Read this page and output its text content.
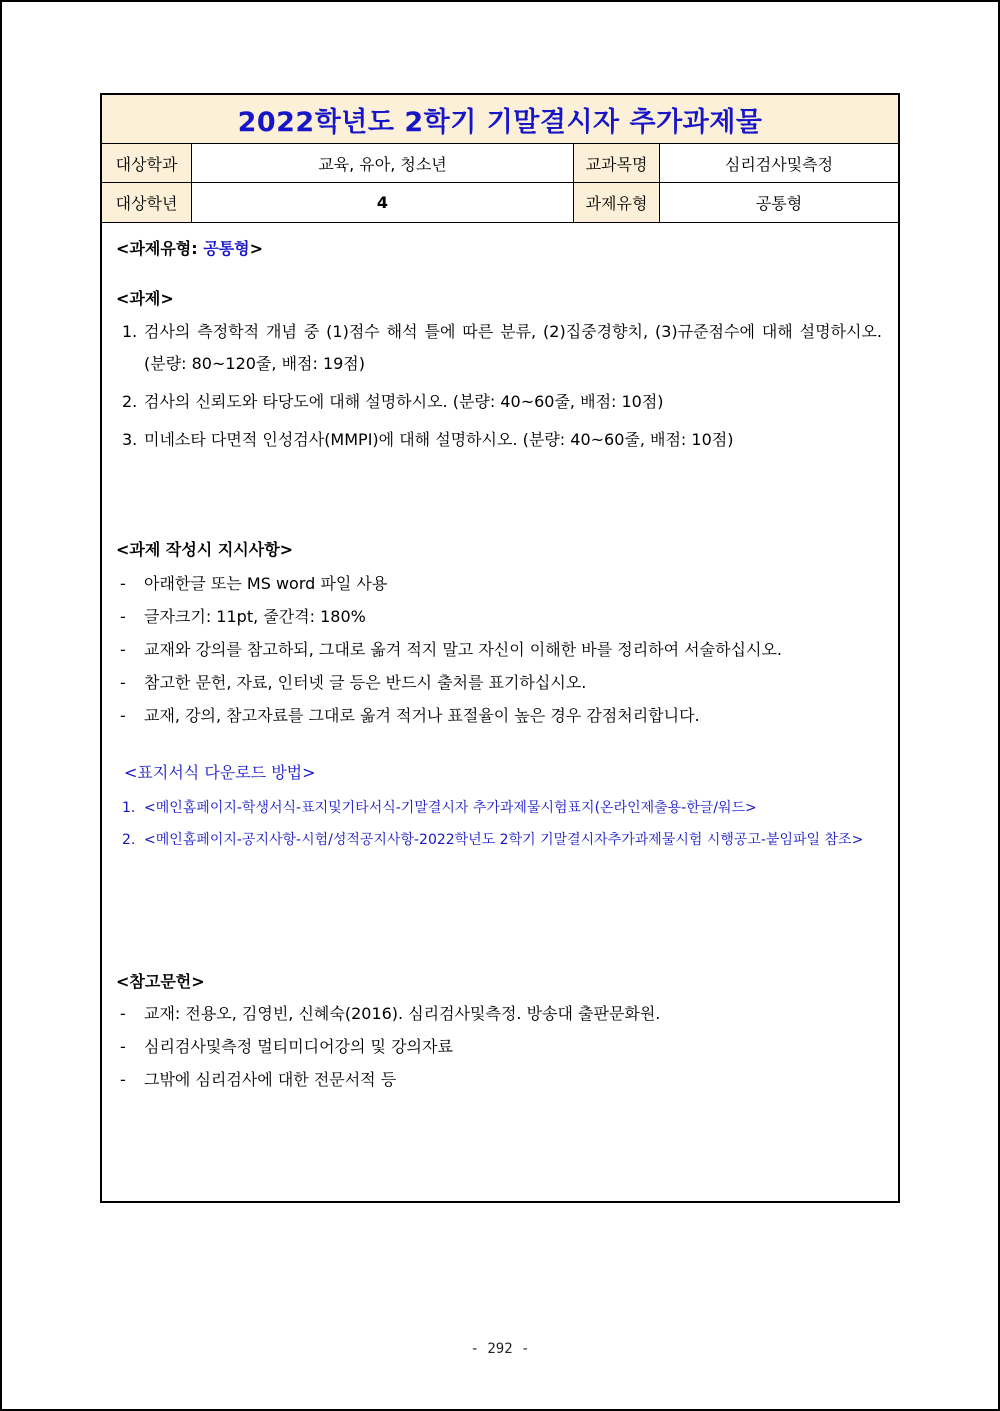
2022학년도 2학기 기말결시자 추가과제물
대상학과	교육, 유아, 청소년	교과목명	심리검사및측정
대상학년	4	과제유형	공통형
<과제유형: 공통형>
<과제>
1. 검사의 측정학적 개념 중 (1)점수 해석 틀에 따른 분류, (2)집중경향치, (3)규준점수에 대해 설명하시오. (분량: 80~120줄, 배점: 19점)
2. 검사의 신뢰도와 타당도에 대해 설명하시오. (분량: 40~60줄, 배점: 10점)
3. 미네소타 다면적 인성검사(MMPI)에 대해 설명하시오. (분량: 40~60줄, 배점: 10점)
<과제 작성시 지시사항>
-	아래한글 또는 MS word 파일 사용
-	글자크기: 11pt, 줄간격: 180%
-	교재와 강의를 참고하되, 그대로 옮겨 적지 말고 자신이 이해한 바를 정리하여 서술하십시오.
-	참고한 문헌, 자료, 인터넷 글 등은 반드시 출처를 표기하십시오.
-	교재, 강의, 참고자료를 그대로 옮겨 적거나 표절율이 높은 경우 감점처리합니다.
<표지서식 다운로드 방법>
1. <메인홈페이지-학생서식-표지및기타서식-기말결시자 추가과제물시험표지(온라인제출용-한글/워드>
2. <메인홈페이지-공지사항-시험/성적공지사항-2022학년도 2학기 기말결시자추가과제물시험 시행공고-붙임파일 참조>
<참고문헌>
-	교재: 전용오, 김영빈, 신혜숙(2016). 심리검사및측정. 방송대 출판문화원.
-	심리검사및측정 멀티미디어강의 및 강의자료
-	그밖에 심리검사에 대한 전문서적 등
- 292 -
